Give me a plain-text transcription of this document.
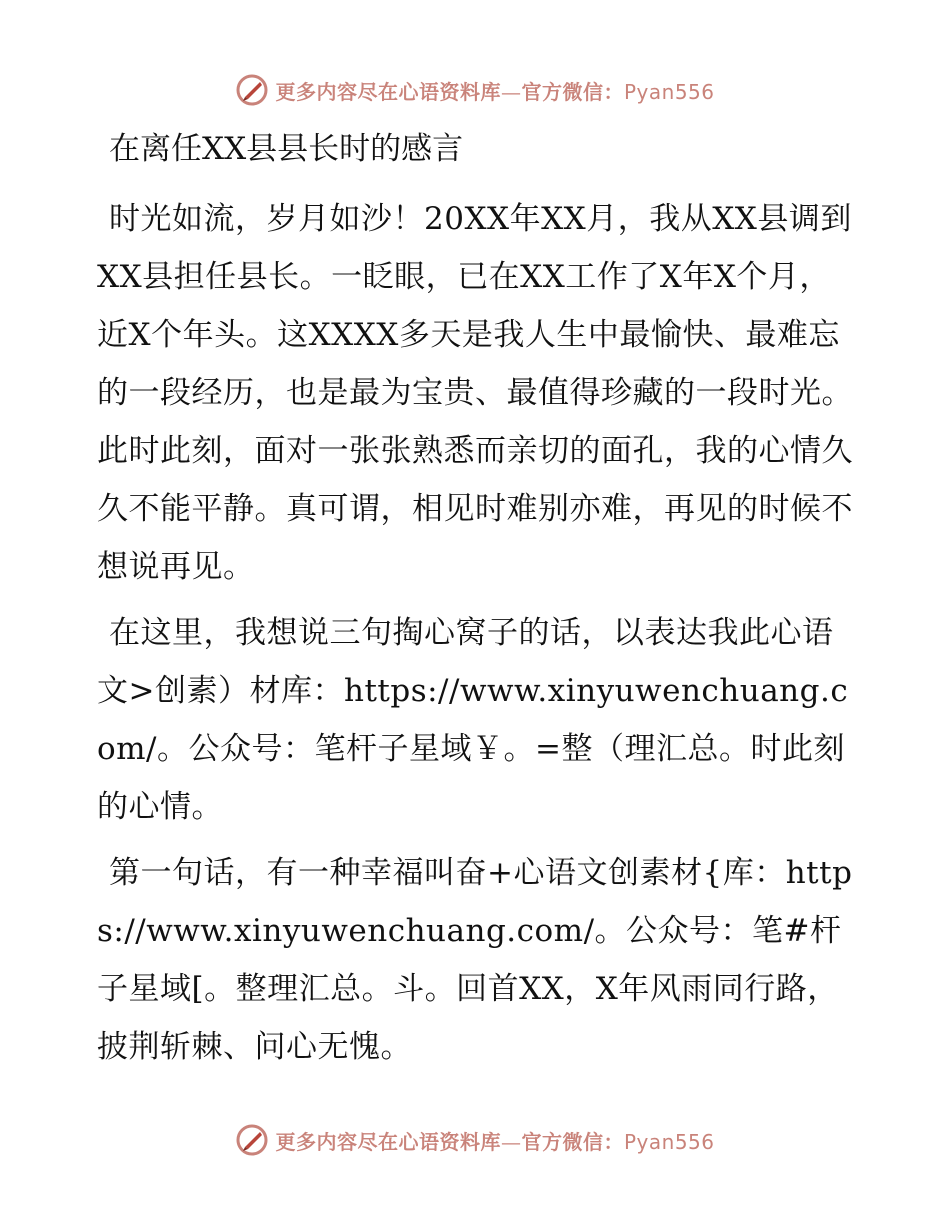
更多内容尽在心语资料库—官方微信：Pyan556
在离任XX县县长时的感言

时光如流，岁月如沙！20XX年XX月，我从XX县调到XX县担任县长。一眨眼，已在XX工作了X年X个月，近X个年头。这XXXX多天是我人生中最愉快、最难忘的一段经历，也是最为宝贵、最值得珍藏的一段时光。此时此刻，面对一张张熟悉而亲切的面孔，我的心情久久不能平静。真可谓，相见时难别亦难，再见的时候不想说再见。

在这里，我想说三句掏心窝子的话，以表达我此心语文>创素）材库：https://www.xinyuwenchuang.com/。公众号：笔杆子星域￥。=整（理汇总。时此刻的心情。

第一句话，有一种幸福叫奋+心语文创素材{库：https://www.xinyuwenchuang.com/。公众号：笔#杆子星域[。整理汇总。斗。回首XX，X年风雨同行路，披荆斩棘、问心无愧。

更多内容尽在心语资料库—官方微信：Pyan556
